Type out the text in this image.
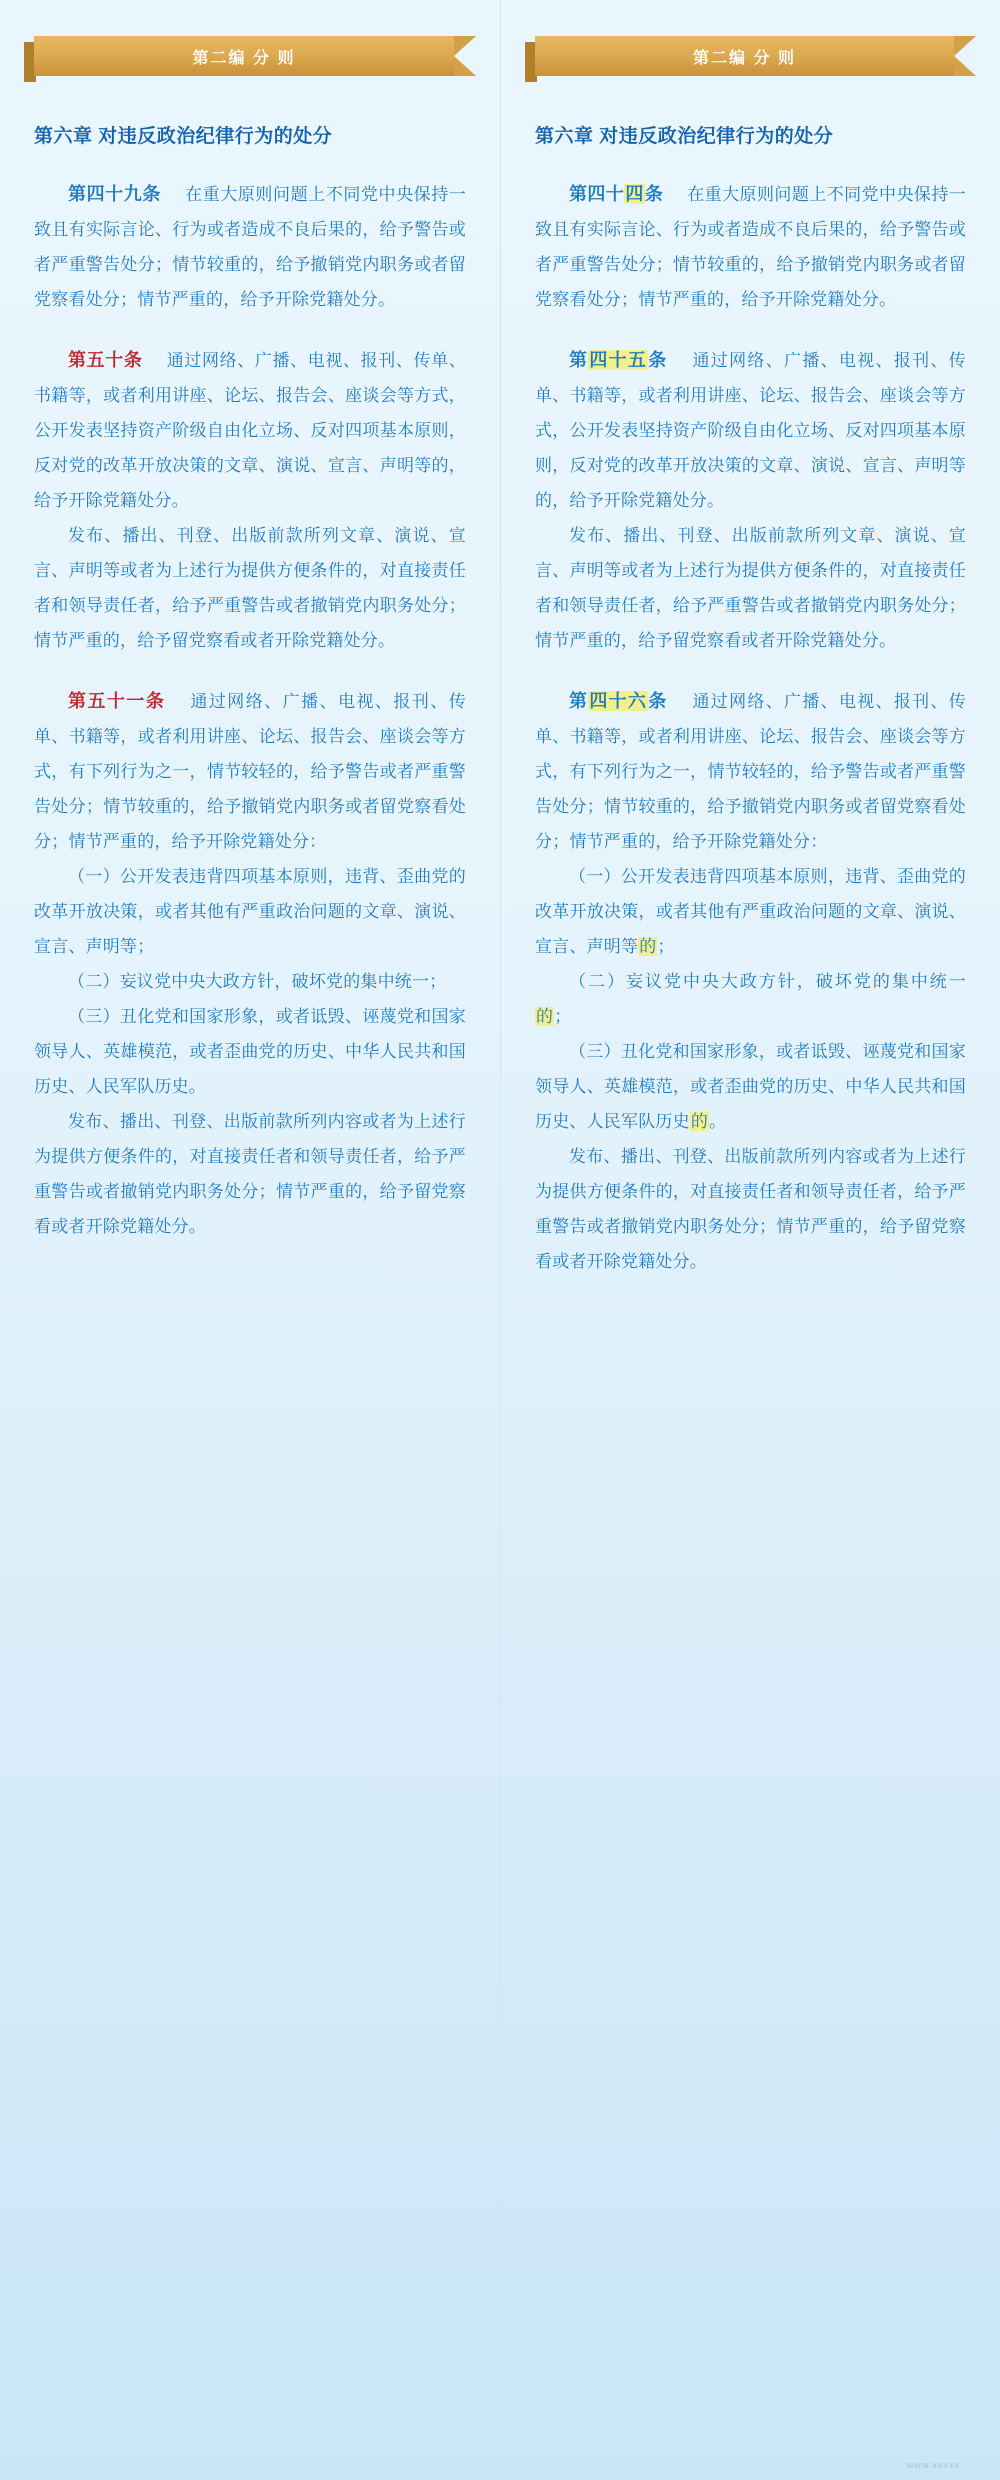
第二编 分 则
第六章 对违反政治纪律行为的处分

第四十九条 在重大原则问题上不同党中央保持一致且有实际言论、行为或者造成不良后果的，给予警告或者严重警告处分；情节较重的，给予撤销党内职务或者留党察看处分；情节严重的，给予开除党籍处分。

第五十条 通过网络、广播、电视、报刊、传单、书籍等，或者利用讲座、论坛、报告会、座谈会等方式，公开发表坚持资产阶级自由化立场、反对四项基本原则，反对党的改革开放决策的文章、演说、宣言、声明等的，给予开除党籍处分。

发布、播出、刊登、出版前款所列文章、演说、宣言、声明等或者为上述行为提供方便条件的，对直接责任者和领导责任者，给予严重警告或者撤销党内职务处分；情节严重的，给予留党察看或者开除党籍处分。

第五十一条 通过网络、广播、电视、报刊、传单、书籍等，或者利用讲座、论坛、报告会、座谈会等方式，有下列行为之一，情节较轻的，给予警告或者严重警告处分；情节较重的，给予撤销党内职务或者留党察看处分；情节严重的，给予开除党籍处分：

（一）公开发表违背四项基本原则，违背、歪曲党的改革开放决策，或者其他有严重政治问题的文章、演说、宣言、声明等；

（二）妄议党中央大政方针，破坏党的集中统一；

（三）丑化党和国家形象，或者诋毁、诬蔑党和国家领导人、英雄模范，或者歪曲党的历史、中华人民共和国历史、人民军队历史。

发布、播出、刊登、出版前款所列内容或者为上述行为提供方便条件的，对直接责任者和领导责任者，给予严重警告或者撤销党内职务处分；情节严重的，给予留党察看或者开除党籍处分。

第二编 分 则
第六章 对违反政治纪律行为的处分

第四十四条 在重大原则问题上不同党中央保持一致且有实际言论、行为或者造成不良后果的，给予警告或者严重警告处分；情节较重的，给予撤销党内职务或者留党察看处分；情节严重的，给予开除党籍处分。

第四十五条 通过网络、广播、电视、报刊、传单、书籍等，或者利用讲座、论坛、报告会、座谈会等方式，公开发表坚持资产阶级自由化立场、反对四项基本原则，反对党的改革开放决策的文章、演说、宣言、声明等的，给予开除党籍处分。

发布、播出、刊登、出版前款所列文章、演说、宣言、声明等或者为上述行为提供方便条件的，对直接责任者和领导责任者，给予严重警告或者撤销党内职务处分；情节严重的，给予留党察看或者开除党籍处分。

第四十六条 通过网络、广播、电视、报刊、传单、书籍等，或者利用讲座、论坛、报告会、座谈会等方式，有下列行为之一，情节较轻的，给予警告或者严重警告处分；情节较重的，给予撤销党内职务或者留党察看处分；情节严重的，给予开除党籍处分：

（一）公开发表违背四项基本原则，违背、歪曲党的改革开放决策，或者其他有严重政治问题的文章、演说、宣言、声明等的；

（二）妄议党中央大政方针，破坏党的集中统一的；

（三）丑化党和国家形象，或者诋毁、诬蔑党和国家领导人、英雄模范，或者歪曲党的历史、中华人民共和国历史、人民军队历史的。

发布、播出、刊登、出版前款所列内容或者为上述行为提供方便条件的，对直接责任者和领导责任者，给予严重警告或者撤销党内职务处分；情节严重的，给予留党察看或者开除党籍处分。

www.xxxxx
